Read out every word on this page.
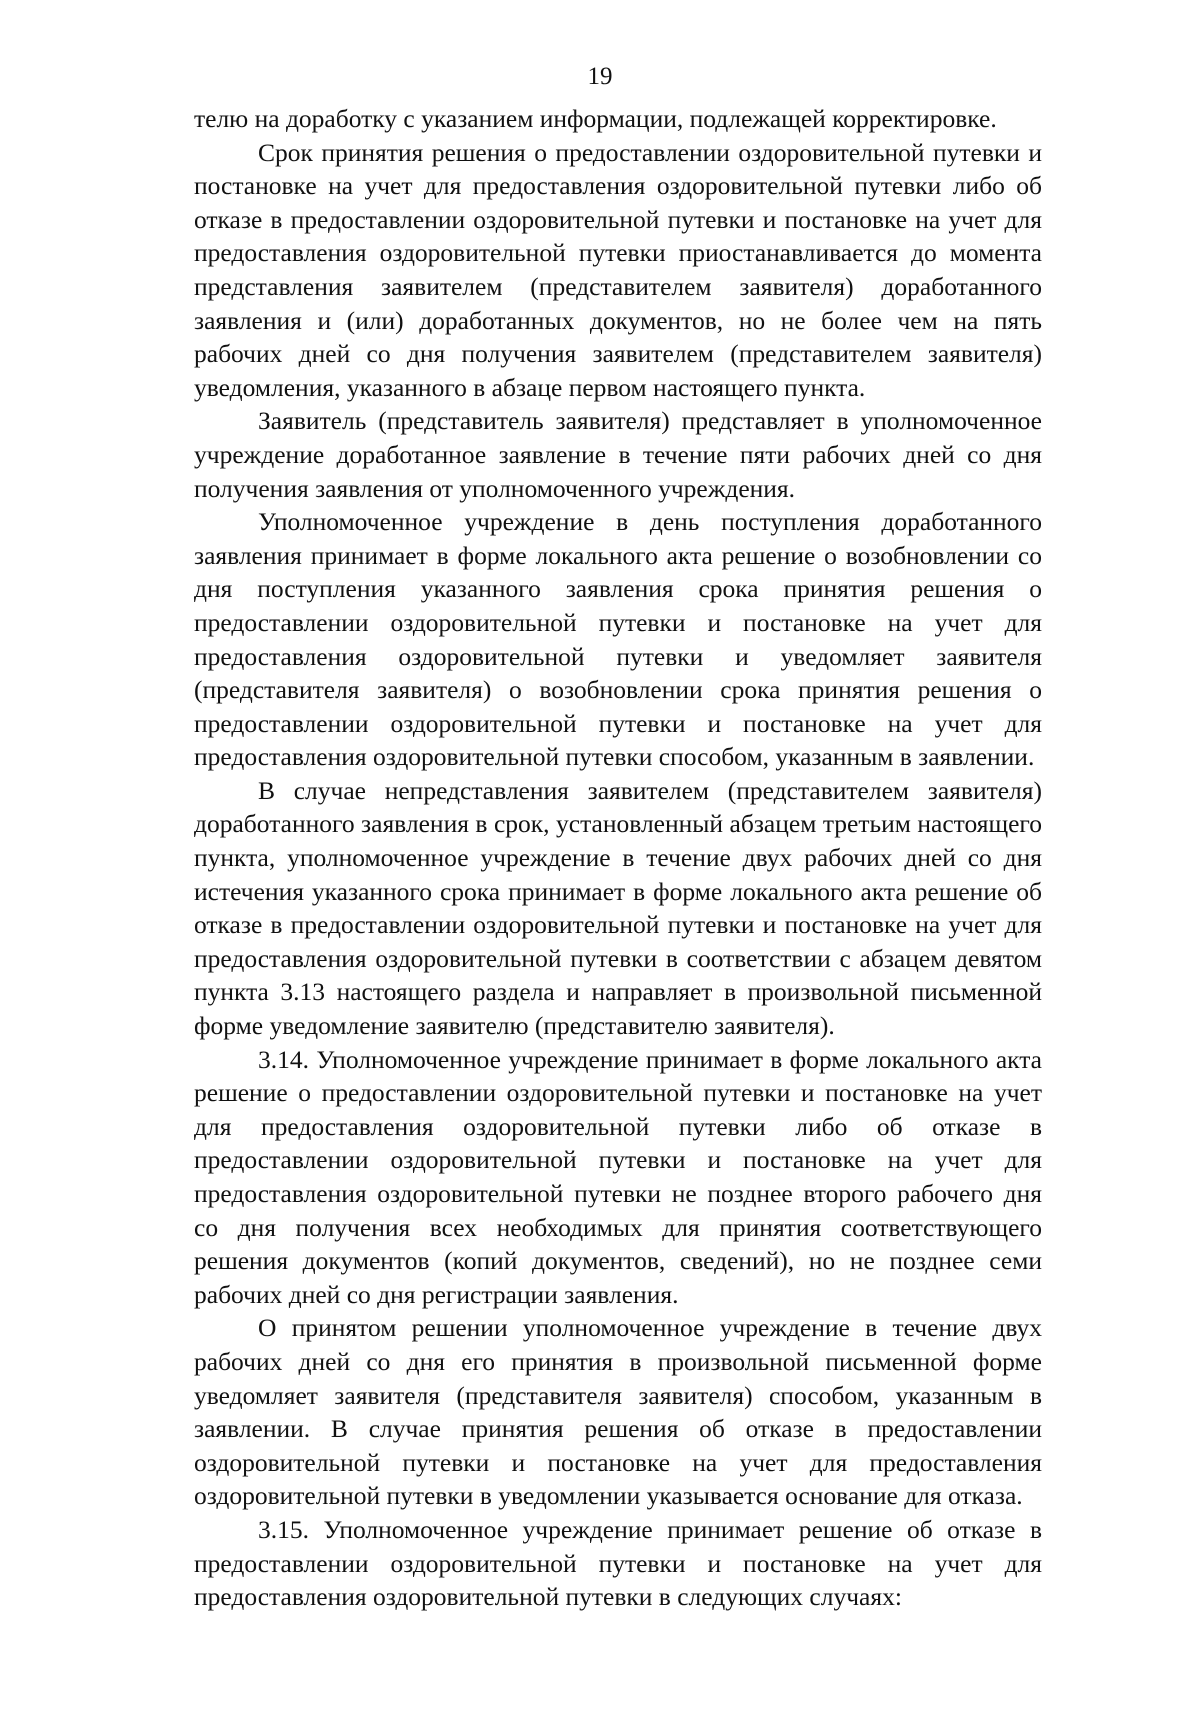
19

телю на доработку с указанием информации, подлежащей корректировке.

Срок принятия решения о предоставлении оздоровительной путевки и постановке на учет для предоставления оздоровительной путевки либо об отказе в предоставлении оздоровительной путевки и постановке на учет для предоставления оздоровительной путевки приостанавливается до момента представления заявителем (представителем заявителя) доработанного заявления и (или) доработанных документов, но не более чем на пять рабочих дней со дня получения заявителем (представителем заявителя) уведомления, указанного в абзаце первом настоящего пункта.

Заявитель (представитель заявителя) представляет в уполномоченное учреждение доработанное заявление в течение пяти рабочих дней со дня получения заявления от уполномоченного учреждения.

Уполномоченное учреждение в день поступления доработанного заявления принимает в форме локального акта решение о возобновлении со дня поступления указанного заявления срока принятия решения о предоставлении оздоровительной путевки и постановке на учет для предоставления оздоровительной путевки и уведомляет заявителя (представителя заявителя) о возобновлении срока принятия решения о предоставлении оздоровительной путевки и постановке на учет для предоставления оздоровительной путевки способом, указанным в заявлении.

В случае непредставления заявителем (представителем заявителя) доработанного заявления в срок, установленный абзацем третьим настоящего пункта, уполномоченное учреждение в течение двух рабочих дней со дня истечения указанного срока принимает в форме локального акта решение об отказе в предоставлении оздоровительной путевки и постановке на учет для предоставления оздоровительной путевки в соответствии с абзацем девятом пункта 3.13 настоящего раздела и направляет в произвольной письменной форме уведомление заявителю (представителю заявителя).

3.14. Уполномоченное учреждение принимает в форме локального акта решение о предоставлении оздоровительной путевки и постановке на учет для предоставления оздоровительной путевки либо об отказе в предоставлении оздоровительной путевки и постановке на учет для предоставления оздоровительной путевки не позднее второго рабочего дня со дня получения всех необходимых для принятия соответствующего решения документов (копий документов, сведений), но не позднее семи рабочих дней со дня регистрации заявления.

О принятом решении уполномоченное учреждение в течение двух рабочих дней со дня его принятия в произвольной письменной форме уведомляет заявителя (представителя заявителя) способом, указанным в заявлении. В случае принятия решения об отказе в предоставлении оздоровительной путевки и постановке на учет для предоставления оздоровительной путевки в уведомлении указывается основание для отказа.

3.15. Уполномоченное учреждение принимает решение об отказе в предоставлении оздоровительной путевки и постановке на учет для предоставления оздоровительной путевки в следующих случаях:
